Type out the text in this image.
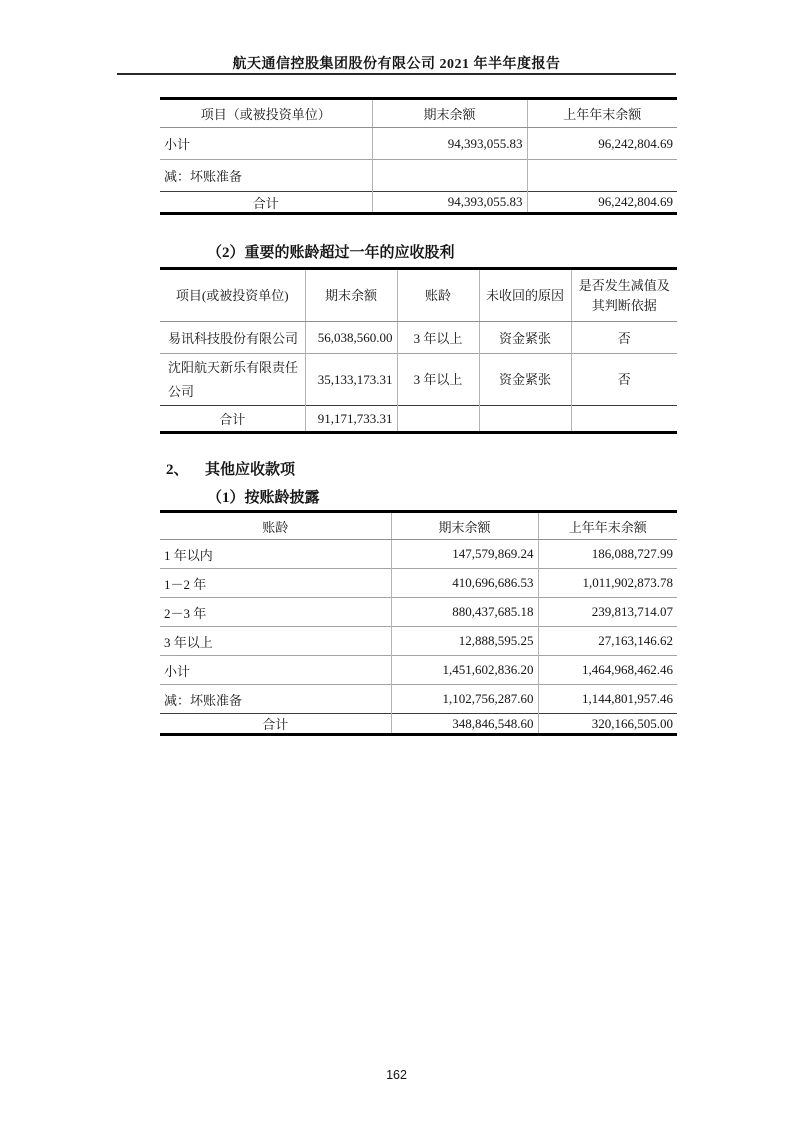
航天通信控股集团股份有限公司 2021 年半年度报告
项目（或被投资单位）	期末余额	上年年末余额
小计	94,393,055.83	96,242,804.69
减：坏账准备		
合计	94,393,055.83	96,242,804.69
（2）重要的账龄超过一年的应收股利
项目(或被投资单位)	期末余额	账龄	未收回的原因	是否发生减值及其判断依据
易讯科技股份有限公司	56,038,560.00	3 年以上	资金紧张	否
沈阳航天新乐有限责任公司	35,133,173.31	3 年以上	资金紧张	否
合计	91,171,733.31			
2、 其他应收款项
（1）按账龄披露
账龄	期末余额	上年年末余额
1 年以内	147,579,869.24	186,088,727.99
1－2 年	410,696,686.53	1,011,902,873.78
2－3 年	880,437,685.18	239,813,714.07
3 年以上	12,888,595.25	27,163,146.62
小计	1,451,602,836.20	1,464,968,462.46
减：坏账准备	1,102,756,287.60	1,144,801,957.46
合计	348,846,548.60	320,166,505.00
162
